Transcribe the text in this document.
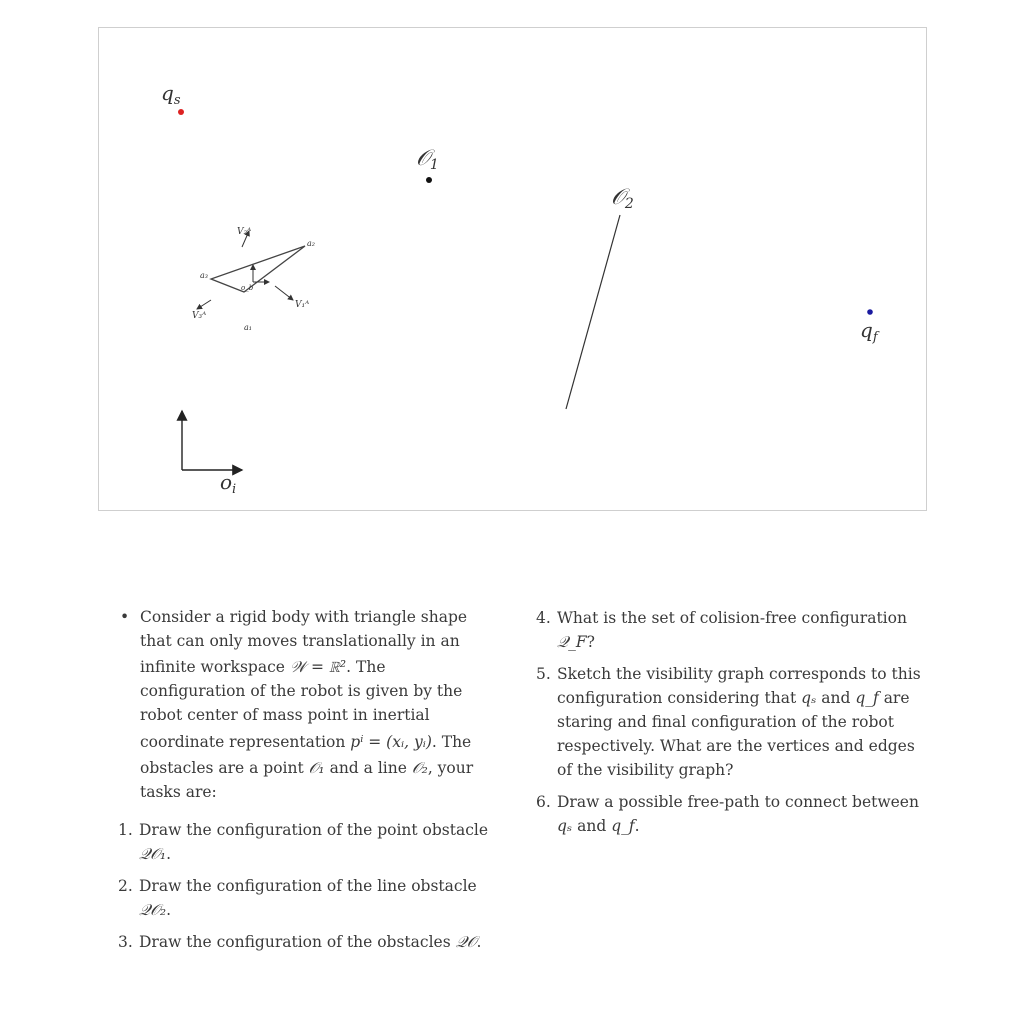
$q_s$
𝒪1
𝒪2
$q_f$
a₁
a₂
a₃
o_b
V₂ᴬ
V₁ᴬ
V₃ᴬ
$o_i$
• Consider a rigid body with triangle shape
that can only moves translationally in an
infinite workspace 𝒲 = ℝ². The
configuration of the robot is given by the
robot center of mass point in inertial
coordinate representation pⁱ = (xᵢ, yᵢ). The
obstacles are a point 𝒪₁ and a line 𝒪₂, your
tasks are:
1. Draw the configuration of the point obstacle
𝒬𝒪₁.
2. Draw the configuration of the line obstacle
𝒬𝒪₂.
3. Draw the configuration of the obstacles 𝒬𝒪.
4. What is the set of colision-free configuration
𝒬_F?
5. Sketch the visibility graph corresponds to this
configuration considering that qₛ and q_f are
staring and final configuration of the robot
respectively. What are the vertices and edges
of the visibility graph?
6. Draw a possible free-path to connect between
qₛ and q_f.
